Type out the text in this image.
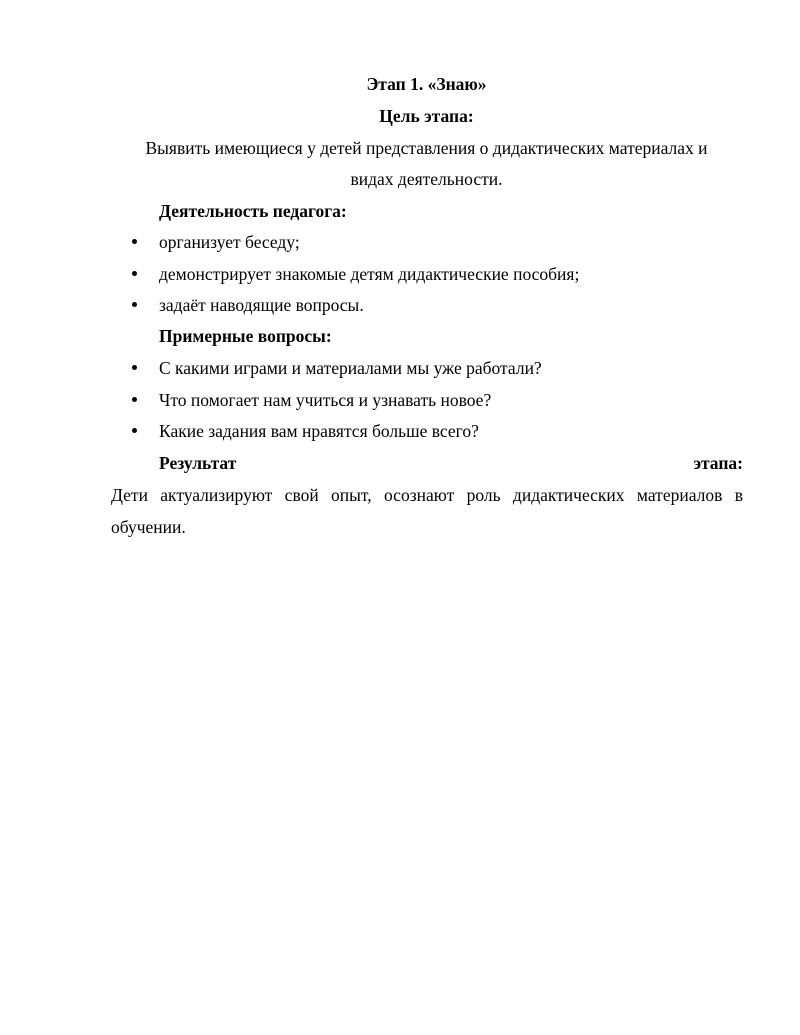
Этап 1. «Знаю»
Цель этапа:
Выявить имеющиеся у детей представления о дидактических материалах и
видах деятельности.
Деятельность педагога:
организует беседу;
демонстрирует знакомые детям дидактические пособия;
задаёт наводящие вопросы.
Примерные вопросы:
С какими играми и материалами мы уже работали?
Что помогает нам учиться и узнавать новое?
Какие задания вам нравятся больше всего?
Результат	этапа:
Дети актуализируют свой опыт, осознают роль дидактических материалов в
обучении.
